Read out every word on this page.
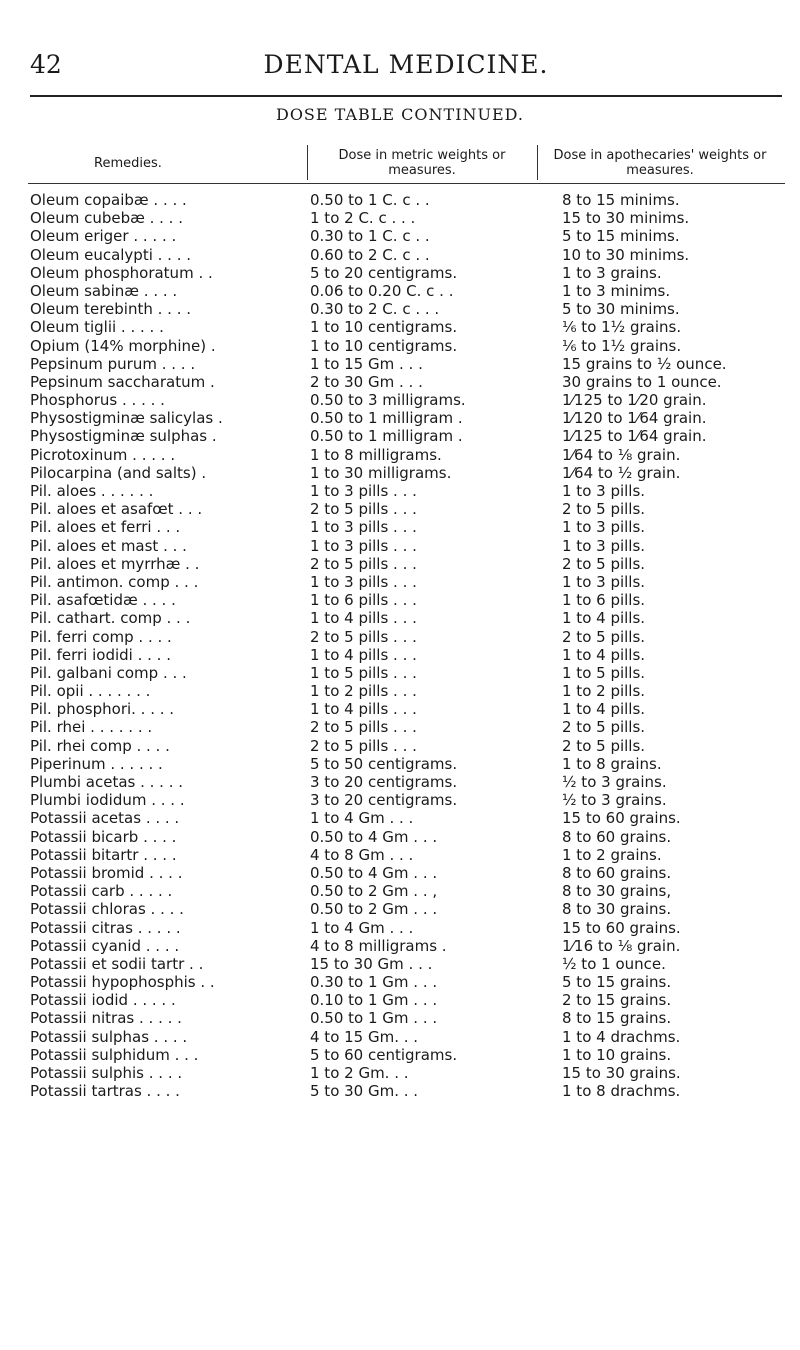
42	DENTAL MEDICINE.
DOSE TABLE CONTINUED.
Remedies.
Dose in metric weights or measures.
Dose in apothecaries' weights or measures.
Oleum copaibæ . . . .	0.50 to 1 C. c . .	8 to 15 minims.
Oleum cubebæ . . . .	1 to 2 C. c . . .	15 to 30 minims.
Oleum eriger . . . . .	0.30 to 1 C. c . .	5 to 15 minims.
Oleum eucalypti . . . .	0.60 to 2 C. c . .	10 to 30 minims.
Oleum phosphoratum . .	5 to 20 centigrams.	1 to 3 grains.
Oleum sabinæ . . . .	0.06 to 0.20 C. c . .	1 to 3 minims.
Oleum terebinth . . . .	0.30 to 2 C. c . . .	5 to 30 minims.
Oleum tiglii . . . . .	1 to 10 centigrams.	⅙ to 1½ grains.
Opium (14% morphine) .	1 to 10 centigrams.	⅙ to 1½ grains.
Pepsinum purum . . . .	1 to 15 Gm . . .	15 grains to ½ ounce.
Pepsinum saccharatum .	2 to 30 Gm . . .	30 grains to 1 ounce.
Phosphorus . . . . .	0.50 to 3 milligrams.	1⁄125 to 1⁄20 grain.
Physostigminæ salicylas .	0.50 to 1 milligram .	1⁄120 to 1⁄64 grain.
Physostigminæ sulphas .	0.50 to 1 milligram .	1⁄125 to 1⁄64 grain.
Picrotoxinum . . . . .	1 to 8 milligrams.	1⁄64 to ⅛ grain.
Pilocarpina (and salts) .	1 to 30 milligrams.	1⁄64 to ½ grain.
Pil. aloes . . . . . .	1 to 3 pills . . .	1 to 3 pills.
Pil. aloes et asafœt . . .	2 to 5 pills . . .	2 to 5 pills.
Pil. aloes et ferri . . .	1 to 3 pills . . .	1 to 3 pills.
Pil. aloes et mast . . .	1 to 3 pills . . .	1 to 3 pills.
Pil. aloes et myrrhæ . .	2 to 5 pills . . .	2 to 5 pills.
Pil. antimon. comp . . .	1 to 3 pills . . .	1 to 3 pills.
Pil. asafœtidæ . . . .	1 to 6 pills . . .	1 to 6 pills.
Pil. cathart. comp . . .	1 to 4 pills . . .	1 to 4 pills.
Pil. ferri comp . . . .	2 to 5 pills . . .	2 to 5 pills.
Pil. ferri iodidi . . . .	1 to 4 pills . . .	1 to 4 pills.
Pil. galbani comp . . .	1 to 5 pills . . .	1 to 5 pills.
Pil. opii . . . . . . .	1 to 2 pills . . .	1 to 2 pills.
Pil. phosphori. . . . .	1 to 4 pills . . .	1 to 4 pills.
Pil. rhei . . . . . . .	2 to 5 pills . . .	2 to 5 pills.
Pil. rhei comp . . . .	2 to 5 pills . . .	2 to 5 pills.
Piperinum . . . . . .	5 to 50 centigrams.	1 to 8 grains.
Plumbi acetas . . . . .	3 to 20 centigrams.	½ to 3 grains.
Plumbi iodidum . . . .	3 to 20 centigrams.	½ to 3 grains.
Potassii acetas . . . .	1 to 4 Gm . . .	15 to 60 grains.
Potassii bicarb . . . .	0.50 to 4 Gm . . .	8 to 60 grains.
Potassii bitartr . . . .	4 to 8 Gm . . .	1 to 2 grains.
Potassii bromid . . . .	0.50 to 4 Gm . . .	8 to 60 grains.
Potassii carb . . . . .	0.50 to 2 Gm . . ,	8 to 30 grains,
Potassii chloras . . . .	0.50 to 2 Gm . . .	8 to 30 grains.
Potassii citras . . . . .	1 to 4 Gm . . .	15 to 60 grains.
Potassii cyanid . . . .	4 to 8 milligrams .	1⁄16 to ⅛ grain.
Potassii et sodii tartr . .	15 to 30 Gm . . .	½ to 1 ounce.
Potassii hypophosphis . .	0.30 to 1 Gm . . .	5 to 15 grains.
Potassii iodid . . . . .	0.10 to 1 Gm . . .	2 to 15 grains.
Potassii nitras . . . . .	0.50 to 1 Gm . . .	8 to 15 grains.
Potassii sulphas . . . .	4 to 15 Gm. . .	1 to 4 drachms.
Potassii sulphidum . . .	5 to 60 centigrams.	1 to 10 grains.
Potassii sulphis . . . .	1 to 2 Gm. . .	15 to 30 grains.
Potassii tartras . . . .	5 to 30 Gm. . .	1 to 8 drachms.
